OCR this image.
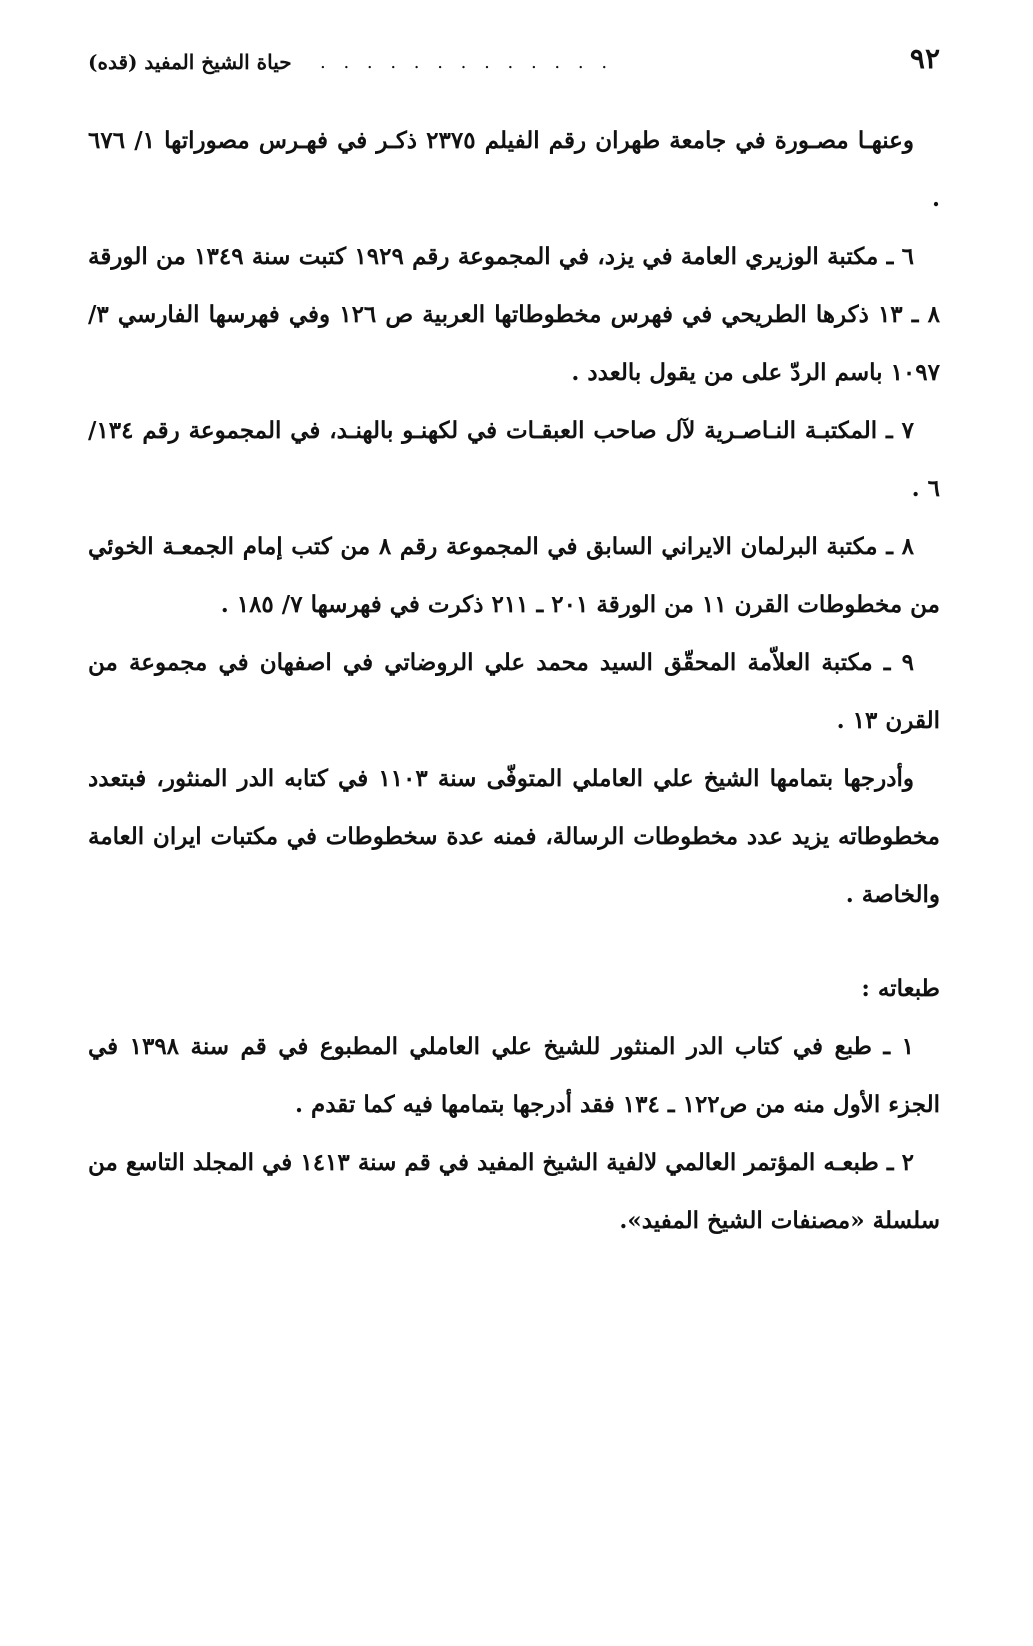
حياة الشيخ المفيد (قده) . . . . . . . . . . . . .	٩٢

وعنهـا مصـورة في جامعة طهران رقم الفيلم ٢٣٧٥ ذكـر في فهـرس مصوراتها ١/ ٦٧٦ .

٦ ـ مكتبة الوزيري العامة في يزد، في المجموعة رقم ١٩٢٩ كتبت سنة ١٣٤٩ من الورقة ٨ ـ ١٣ ذكرها الطريحي في فهرس مخطوطاتها العربية ص ١٢٦ وفي فهرسها الفارسي ٣/ ١٠٩٧ باسم الردّ على من يقول بالعدد .

٧ ـ المكتبـة النـاصـرية لآل صاحب العبقـات في لكهنـو بالهنـد، في المجموعة رقم ١٣٤/ ٦ .

٨ ـ مكتبة البرلمان الايراني السابق في المجموعة رقم ٨ من كتب إمام الجمعـة الخوئي من مخطوطات القرن ١١ من الورقة ٢٠١ ـ ٢١١ ذكرت في فهرسها ٧/ ١٨٥ .

٩ ـ مكتبة العلاّمة المحقّق السيد محمد علي الروضاتي في اصفهان في مجموعة من القرن ١٣ .

وأدرجها بتمامها الشيخ علي العاملي المتوفّى سنة ١١٠٣ في كتابه الدر المنثور، فبتعدد مخطوطاته يزيد عدد مخطوطات الرسالة، فمنه عدة سخطوطات في مكتبات ايران العامة والخاصة .

طبعاته :

١ ـ طبع في كتاب الدر المنثور للشيخ علي العاملي المطبوع في قم سنة ١٣٩٨ في الجزء الأول منه من ص١٢٢ ـ ١٣٤ فقد أدرجها بتمامها فيه كما تقدم .

٢ ـ طبعـه المؤتمر العالمي لالفية الشيخ المفيد في قم سنة ١٤١٣ في المجلد التاسع من سلسلة «مصنفات الشيخ المفيد».
